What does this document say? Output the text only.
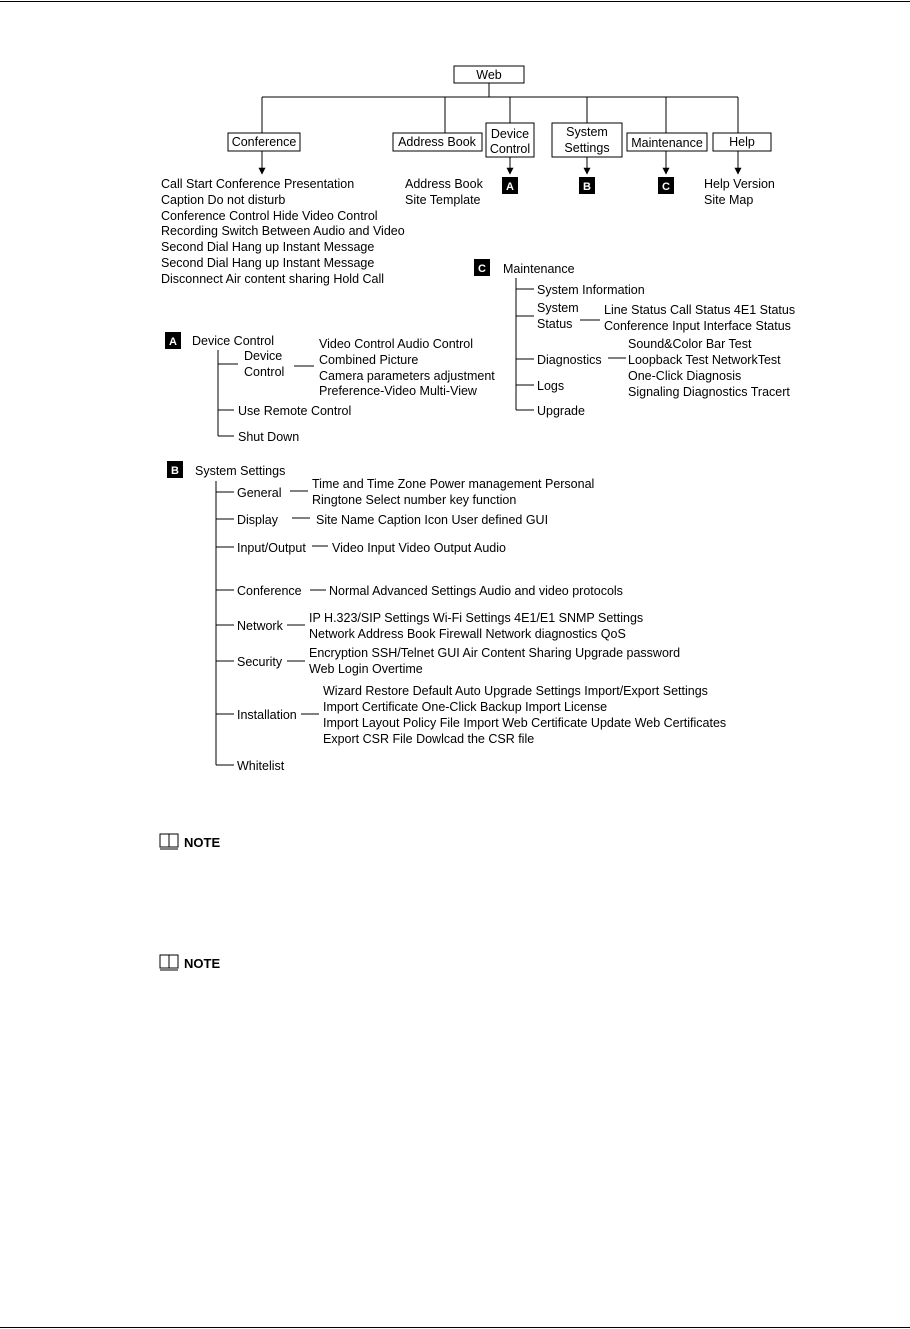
Web
Conference	Address Book
Device
Control
System
Settings Maintenance Help
A	B	C
Call Start Conference Presentation
Caption Do not disturb
Conference Control Hide Video Control
Recording Switch Between Audio and Video
Second Dial Hang up Instant Message
Second Dial Hang up Instant Message
Disconnect Air content sharing Hold Call
Address Book
Site Template
Help Version
Site Map
C Maintenance
System Information
System
Status
Line Status Call Status 4E1 Status
Conference Input Interface Status
Diagnostics
Sound&Color Bar Test
Loopback Test NetworkTest
One-Click Diagnosis
Signaling Diagnostics Tracert
Logs
Upgrade
A Device Control
Device
Control
Video Control Audio Control
Combined Picture
Camera parameters adjustment
Preference-Video Multi-View
Use Remote Control
Shut Down
B System Settings
General
Time and Time Zone Power management Personal
Ringtone Select number key function
Display	Site Name Caption Icon User defined GUI
Input/Output Video Input Video Output Audio
Conference Normal Advanced Settings Audio and video protocols
Network
IP H.323/SIP Settings Wi-Fi Settings 4E1/E1 SNMP Settings
Network Address Book Firewall Network diagnostics QoS
Security
Encryption SSH/Telnet GUI Air Content Sharing Upgrade password
Web Login Overtime
Installation
Wizard Restore Default Auto Upgrade Settings Import/Export Settings
Import Certificate One-Click Backup Import License
Import Layout Policy File Import Web Certificate Update Web Certificates
Export CSR File Dowlcad the CSR file
Whitelist
NOTE
NOTE
